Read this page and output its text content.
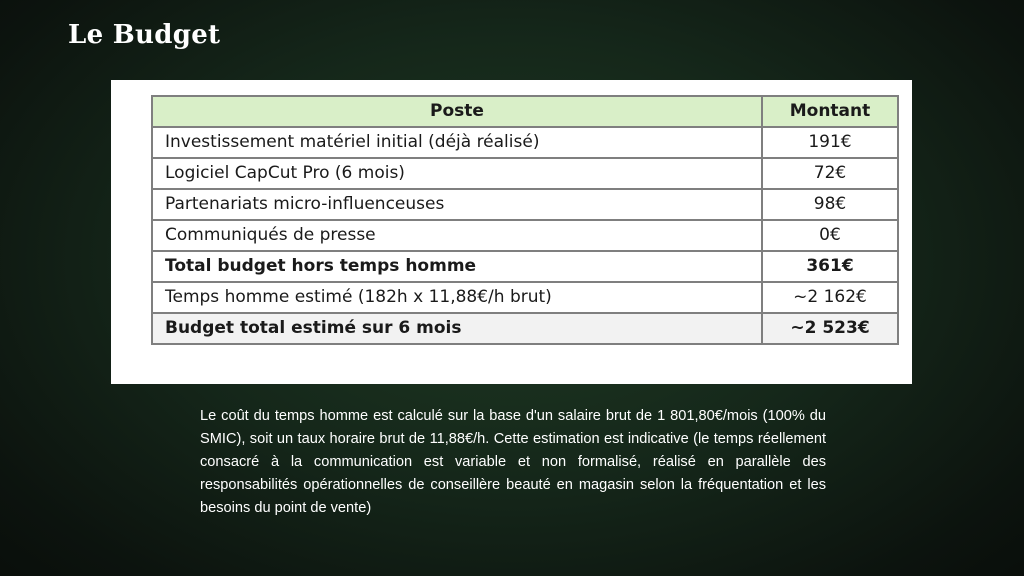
Le Budget
Poste	Montant
Investissement matériel initial (déjà réalisé)	191€
Logiciel CapCut Pro (6 mois)	72€
Partenariats micro-influenceuses	98€
Communiqués de presse	0€
Total budget hors temps homme	361€
Temps homme estimé (182h x 11,88€/h brut)	~2 162€
Budget total estimé sur 6 mois	~2 523€
Le coût du temps homme est calculé sur la base d'un salaire brut de 1 801,80€/mois (100% du SMIC), soit un taux horaire brut de 11,88€/h. Cette estimation est indicative (le temps réellement consacré à la communication est variable et non formalisé, réalisé en parallèle des responsabilités opérationnelles de conseillère beauté en magasin selon la fréquentation et les besoins du point de vente)
